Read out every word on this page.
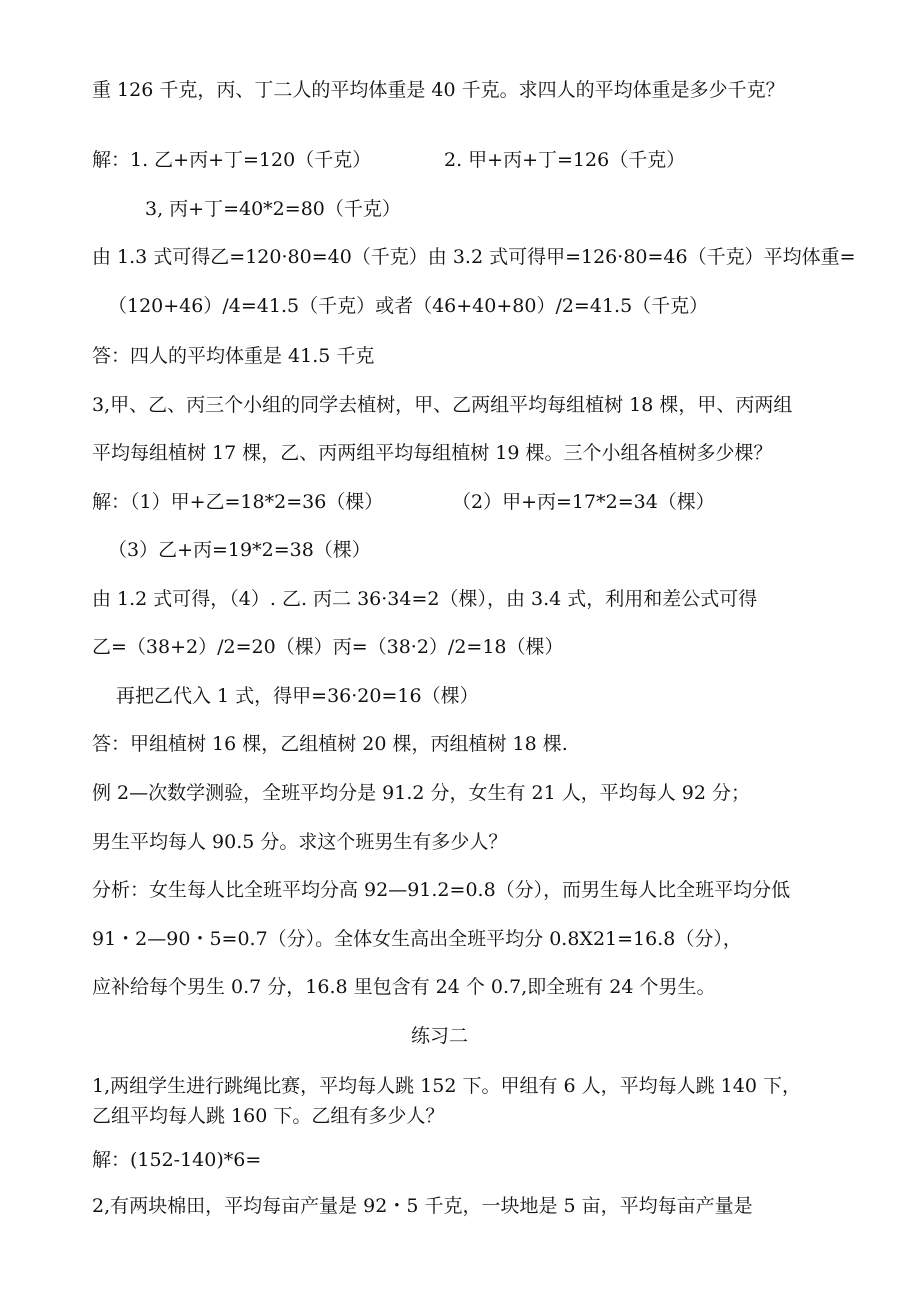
重 126 千克，丙、丁二人的平均体重是 40 千克。求四人的平均体重是多少千克？
解：1. 乙+丙+丁=120（千克）	2. 甲+丙+丁=126（千克）
3, 丙+丁=40*2=80（千克）
由 1.3 式可得乙=120·80=40（千克）由 3.2 式可得甲=126·80=46（千克）平均体重=
（120+46）/4=41.5（千克）或者（46+40+80）/2=41.5（千克）
答：四人的平均体重是 41.5 千克
3,甲、乙、丙三个小组的同学去植树，甲、乙两组平均每组植树 18 棵，甲、丙两组
平均每组植树 17 棵，乙、丙两组平均每组植树 19 棵。三个小组各植树多少棵？
解：（1）甲+乙=18*2=36（棵）	（2）甲+丙=17*2=34（棵）
（3）乙+丙=19*2=38（棵）
由 1.2 式可得，（4）. 乙. 丙二 36·34=2（棵），由 3.4 式，利用和差公式可得
乙=（38+2）/2=20（棵）丙=（38·2）/2=18（棵）
再把乙代入 1 式，得甲=36·20=16（棵）
答：甲组植树 16 棵，乙组植树 20 棵，丙组植树 18 棵.
例 2—次数学测验，全班平均分是 91.2 分，女生有 21 人，平均每人 92 分；
男生平均每人 90.5 分。求这个班男生有多少人？
分析：女生每人比全班平均分高 92—91.2=0.8（分），而男生每人比全班平均分低
91・2—90・5=0.7（分）。全体女生高出全班平均分 0.8X21=16.8（分），
应补给每个男生 0.7 分，16.8 里包含有 24 个 0.7,即全班有 24 个男生。
练习二
1,两组学生进行跳绳比赛，平均每人跳 152 下。甲组有 6 人，平均每人跳 140 下，
乙组平均每人跳 160 下。乙组有多少人？
解：(152-140)*6=
2,有两块棉田，平均每亩产量是 92・5 千克，一块地是 5 亩，平均每亩产量是
